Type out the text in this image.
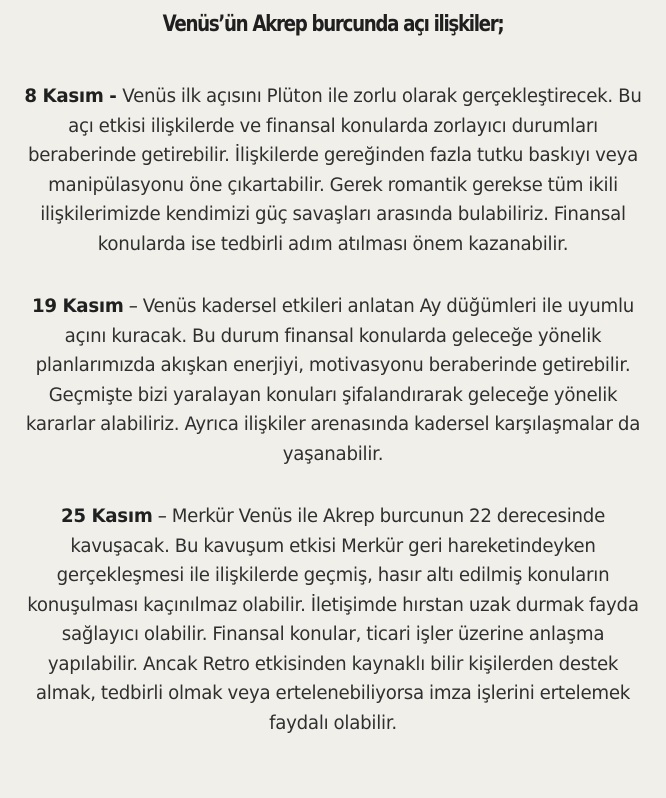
Venüs’ün Akrep burcunda açı ilişkiler;

8 Kasım - Venüs ilk açısını Plüton ile zorlu olarak gerçekleştirecek. Bu açı etkisi ilişkilerde ve finansal konularda zorlayıcı durumları beraberinde getirebilir. İlişkilerde gereğinden fazla tutku baskıyı veya manipülasyonu öne çıkartabilir. Gerek romantik gerekse tüm ikili ilişkilerimizde kendimizi güç savaşları arasında bulabiliriz. Finansal konularda ise tedbirli adım atılması önem kazanabilir.

19 Kasım – Venüs kadersel etkileri anlatan Ay düğümleri ile uyumlu açını kuracak. Bu durum finansal konularda geleceğe yönelik planlarımızda akışkan enerjiyi, motivasyonu beraberinde getirebilir. Geçmişte bizi yaralayan konuları şifalandırarak geleceğe yönelik kararlar alabiliriz. Ayrıca ilişkiler arenasında kadersel karşılaşmalar da yaşanabilir.

25 Kasım – Merkür Venüs ile Akrep burcunun 22 derecesinde kavuşacak. Bu kavuşum etkisi Merkür geri hareketindeyken gerçekleşmesi ile ilişkilerde geçmiş, hasır altı edilmiş konuların konuşulması kaçınılmaz olabilir. İletişimde hırstan uzak durmak fayda sağlayıcı olabilir. Finansal konular, ticari işler üzerine anlaşma yapılabilir. Ancak Retro etkisinden kaynaklı bilir kişilerden destek almak, tedbirli olmak veya ertelenebiliyorsa imza işlerini ertelemek faydalı olabilir.
